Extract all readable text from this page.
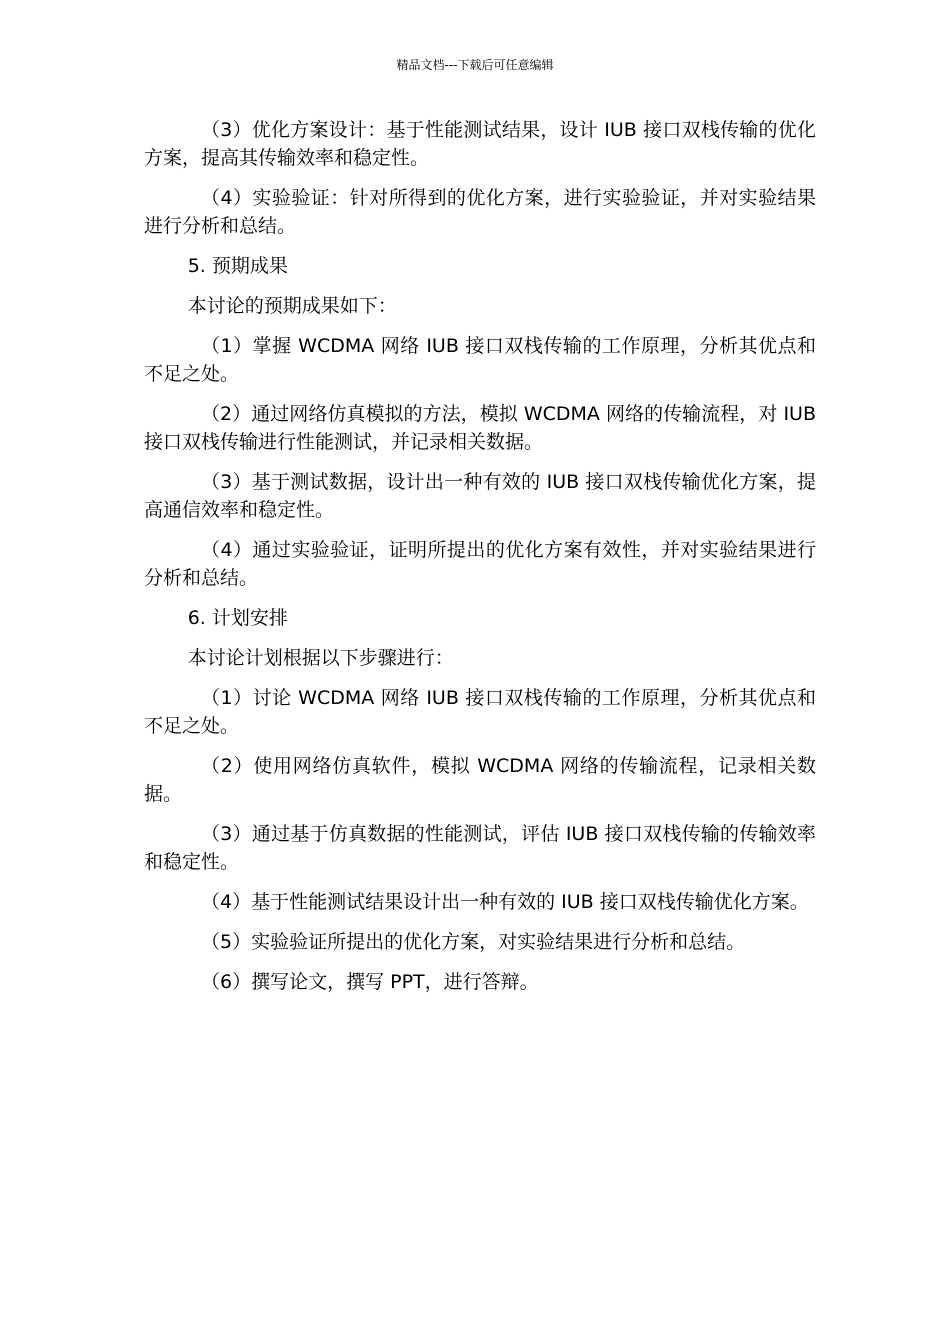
精品文档---下载后可任意编辑

（3）优化方案设计：基于性能测试结果，设计 IUB 接口双栈传输的优化方案，提高其传输效率和稳定性。

（4）实验验证：针对所得到的优化方案，进行实验验证，并对实验结果进行分析和总结。

5. 预期成果

本讨论的预期成果如下：

（1）掌握 WCDMA 网络 IUB 接口双栈传输的工作原理，分析其优点和不足之处。

（2）通过网络仿真模拟的方法，模拟 WCDMA 网络的传输流程，对 IUB 接口双栈传输进行性能测试，并记录相关数据。

（3）基于测试数据，设计出一种有效的 IUB 接口双栈传输优化方案，提高通信效率和稳定性。

（4）通过实验验证，证明所提出的优化方案有效性，并对实验结果进行分析和总结。

6. 计划安排

本讨论计划根据以下步骤进行：

（1）讨论 WCDMA 网络 IUB 接口双栈传输的工作原理，分析其优点和不足之处。

（2）使用网络仿真软件，模拟 WCDMA 网络的传输流程，记录相关数据。

（3）通过基于仿真数据的性能测试，评估 IUB 接口双栈传输的传输效率和稳定性。

（4）基于性能测试结果设计出一种有效的 IUB 接口双栈传输优化方案。

（5）实验验证所提出的优化方案，对实验结果进行分析和总结。

（6）撰写论文，撰写 PPT，进行答辩。
